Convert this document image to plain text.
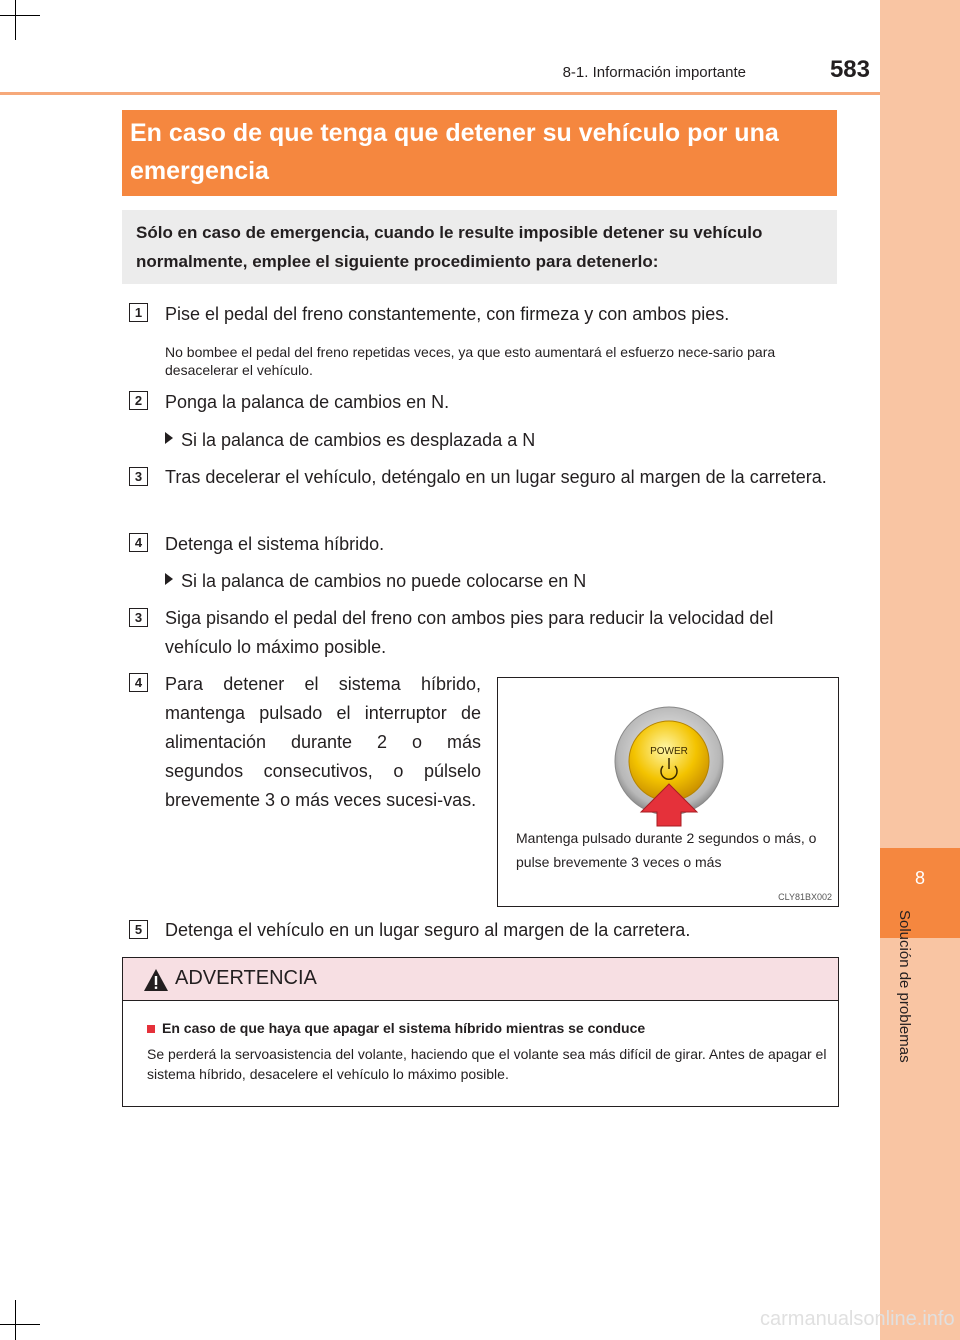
8
Solución de problemas
8-1. Información importante	583
En caso de que tenga que detener su vehículo por una emergencia
Sólo en caso de emergencia, cuando le resulte imposible detener su vehículo normalmente, emplee el siguiente procedimiento para detenerlo:
1	Pise el pedal del freno constantemente, con firmeza y con ambos pies.
No bombee el pedal del freno repetidas veces, ya que esto aumentará el esfuerzo nece-sario para desacelerar el vehículo.
2	Ponga la palanca de cambios en N.
Si la palanca de cambios es desplazada a N
3	Tras decelerar el vehículo, deténgalo en un lugar seguro al margen de la carretera.
4	Detenga el sistema híbrido.
Si la palanca de cambios no puede colocarse en N
3	Siga pisando el pedal del freno con ambos pies para reducir la velocidad del vehículo lo máximo posible.
4	Para detener el sistema híbrido, mantenga pulsado el interruptor de alimentación durante 2 o más segundos consecutivos, o púlselo brevemente 3 o más veces sucesi-vas.
POWER
Mantenga pulsado durante 2 segundos o más, o pulse brevemente 3 veces o más
CLY81BX002
5	Detenga el vehículo en un lugar seguro al margen de la carretera.
ADVERTENCIA
En caso de que haya que apagar el sistema híbrido mientras se conduce
Se perderá la servoasistencia del volante, haciendo que el volante sea más difícil de girar. Antes de apagar el sistema híbrido, desacelere el vehículo lo máximo posible.
carmanualsonline.info
